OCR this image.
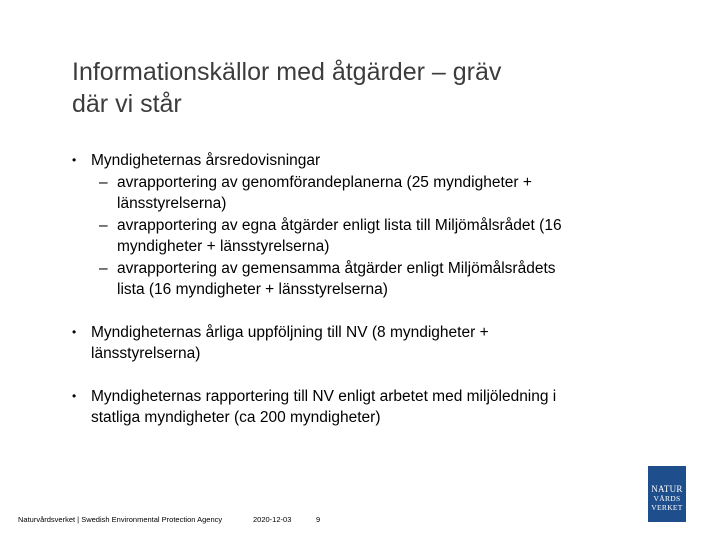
Informationskällor med åtgärder – gräv
där vi står
• Myndigheternas årsredovisningar
– avrapportering av genomförandeplanerna (25 myndigheter +
länsstyrelserna)
– avrapportering av egna åtgärder enligt lista till Miljömålsrådet (16
myndigheter + länsstyrelserna)
– avrapportering av gemensamma åtgärder enligt Miljömålsrådets
lista (16 myndigheter + länsstyrelserna)
• Myndigheternas årliga uppföljning till NV (8 myndigheter +
länsstyrelserna)
• Myndigheternas rapportering till NV enligt arbetet med miljöledning i
statliga myndigheter (ca 200 myndigheter)
Naturvårdsverket | Swedish Environmental Protection Agency	2020-12-03	9
NATUR
VÅRDS
VERKET
